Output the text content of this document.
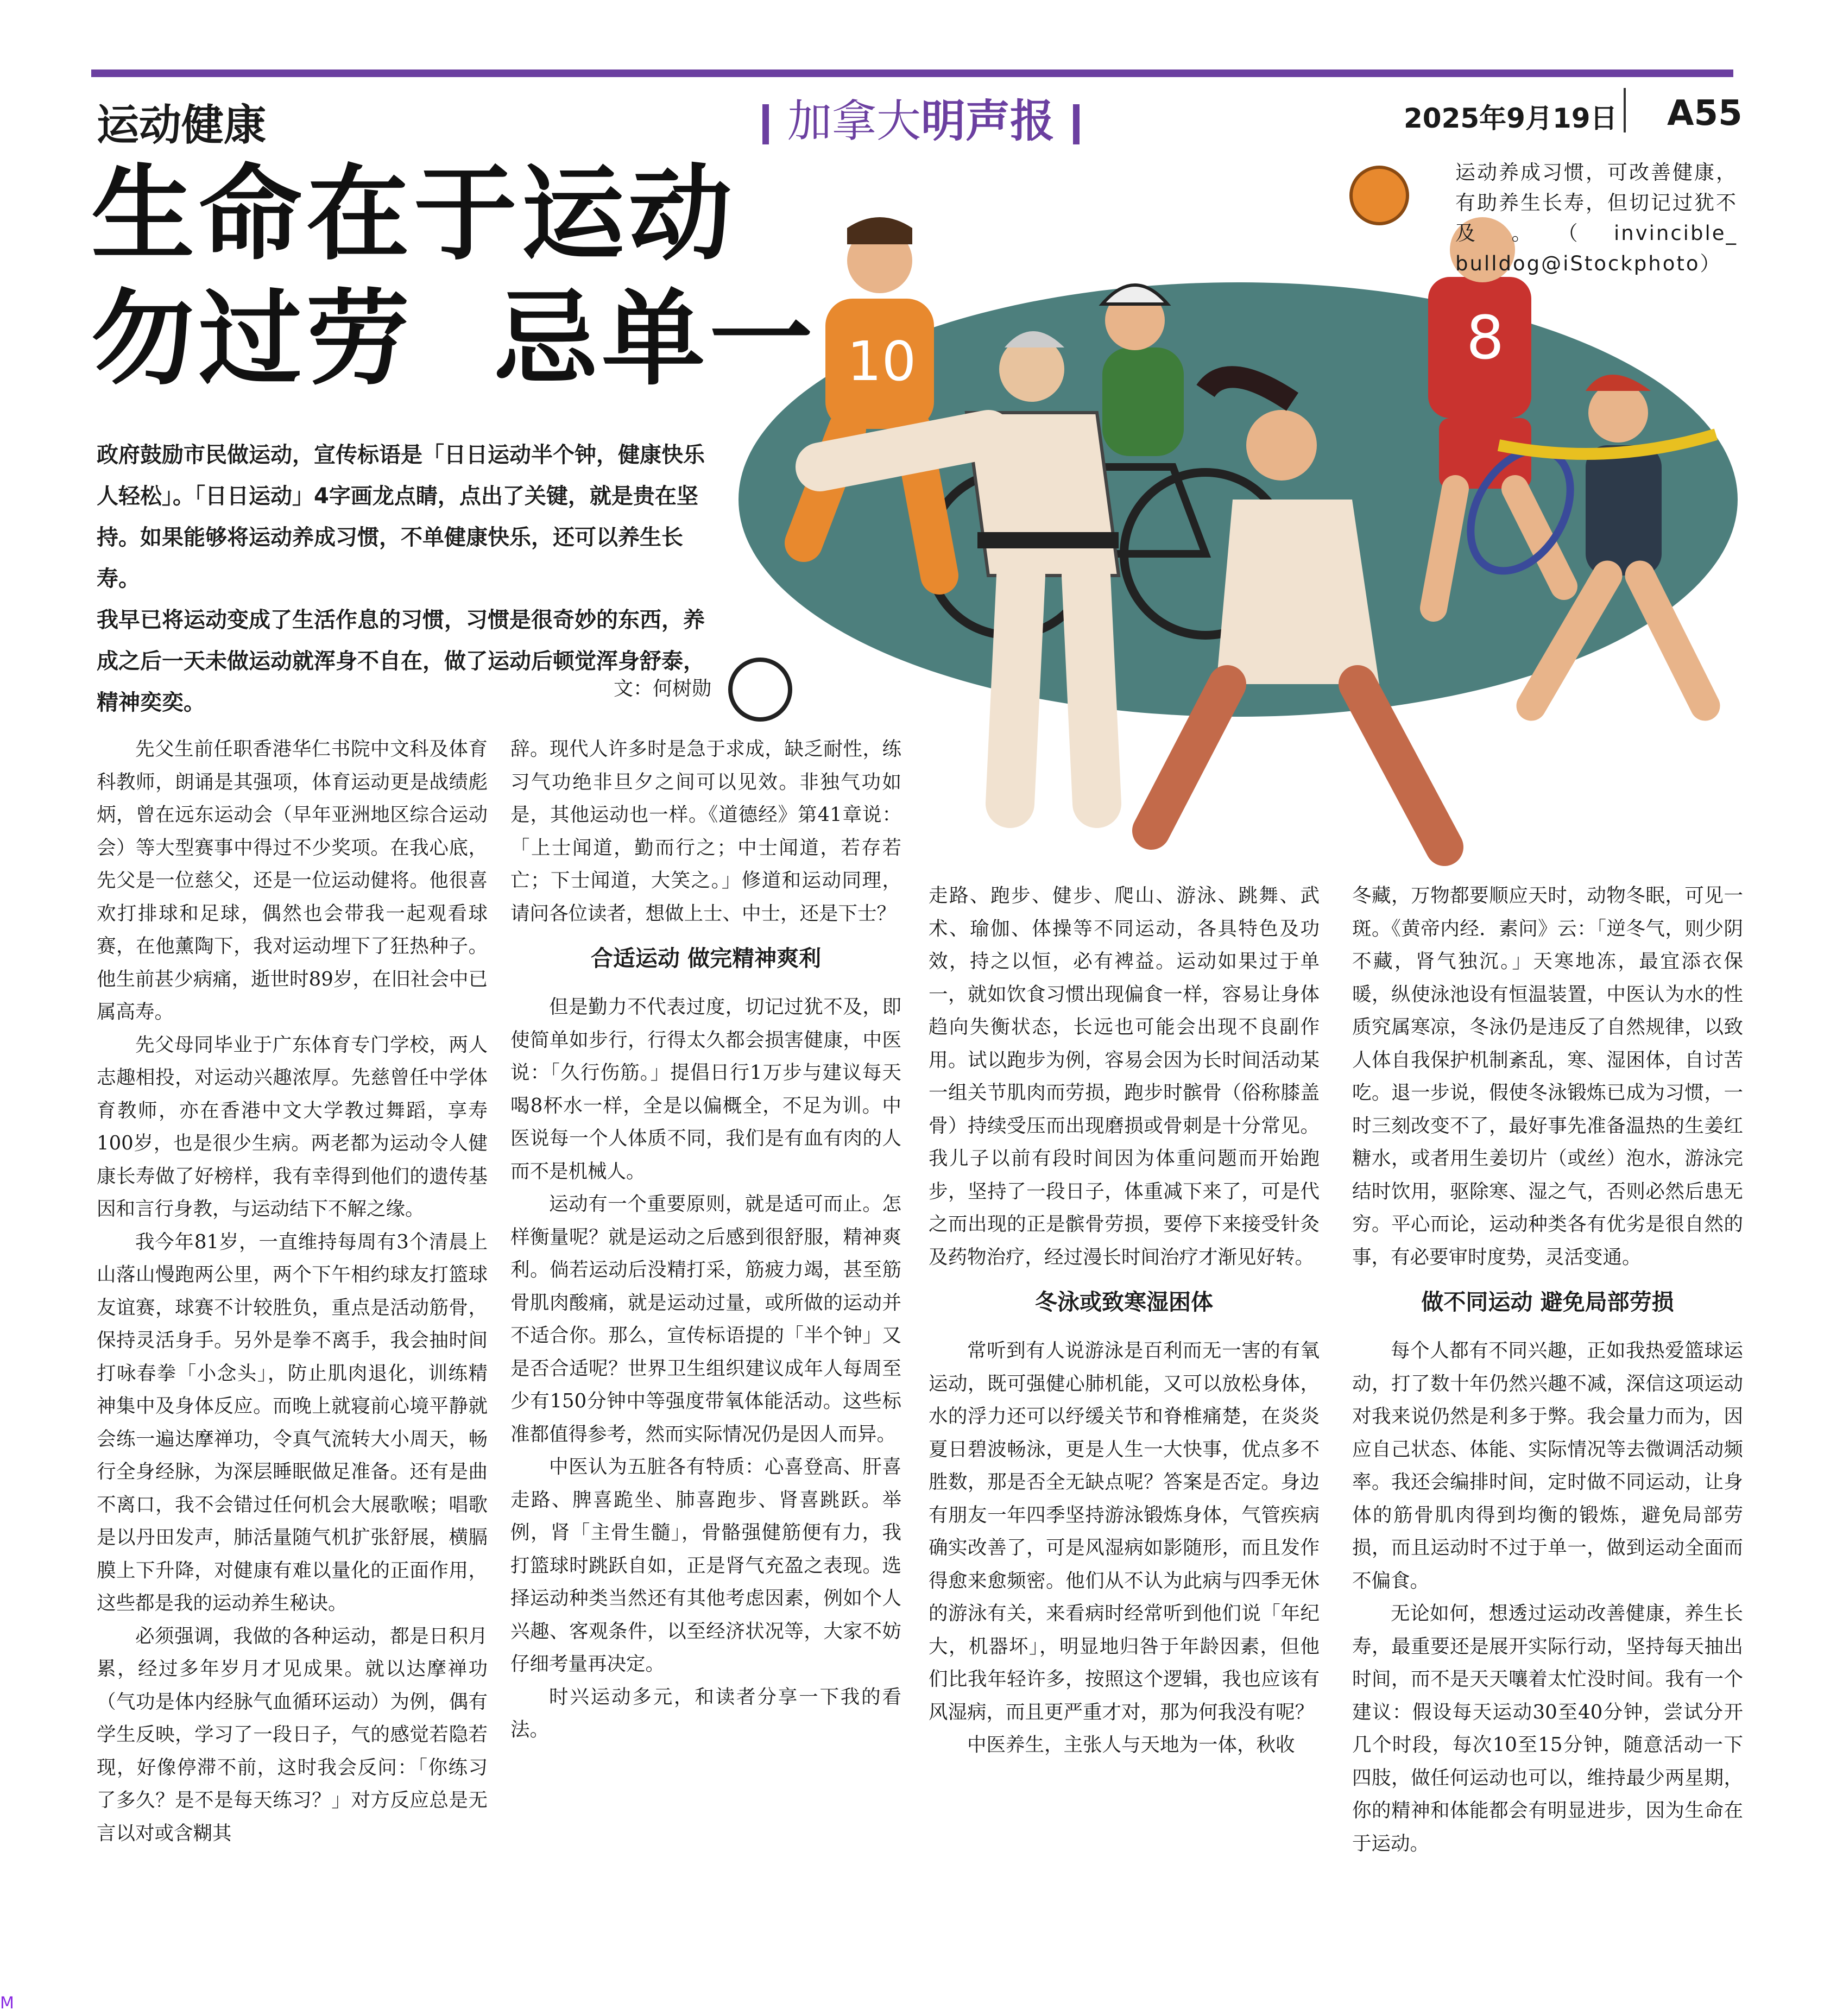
运动健康	加拿大明声报	2025年9月19日 A55
生命在于运动
勿过劳  忌单一	8
10
运动养成习惯，可改善健康，有助养生长寿，但切记过犹不及。（invincible_ bulldog@iStockphoto）

政府鼓励市民做运动，宣传标语是「日日运动半个钟，健康快乐人轻松」。「日日运动」4字画龙点睛，点出了关键，就是贵在坚持。如果能够将运动养成习惯，不单健康快乐，还可以养生长寿。

我早已将运动变成了生活作息的习惯，习惯是很奇妙的东西，养成之后一天未做运动就浑身不自在，做了运动后顿觉浑身舒泰，精神奕奕。

文：何树勋

先父生前任职香港华仁书院中文科及体育科教师，朗诵是其强项，体育运动更是战绩彪炳，曾在远东运动会（早年亚洲地区综合运动会）等大型赛事中得过不少奖项。在我心底，先父是一位慈父，还是一位运动健将。他很喜欢打排球和足球，偶然也会带我一起观看球赛，在他薰陶下，我对运动埋下了狂热种子。他生前甚少病痛，逝世时89岁，在旧社会中已属高寿。

先父母同毕业于广东体育专门学校，两人志趣相投，对运动兴趣浓厚。先慈曾任中学体育教师，亦在香港中文大学教过舞蹈，享寿100岁，也是很少生病。两老都为运动令人健康长寿做了好榜样，我有幸得到他们的遗传基因和言行身教，与运动结下不解之缘。

我今年81岁，一直维持每周有3个清晨上山落山慢跑两公里，两个下午相约球友打篮球友谊赛，球赛不计较胜负，重点是活动筋骨，保持灵活身手。另外是拳不离手，我会抽时间打咏春拳「小念头」，防止肌肉退化，训练精神集中及身体反应。而晚上就寝前心境平静就会练一遍达摩禅功，令真气流转大小周天，畅行全身经脉，为深层睡眠做足准备。还有是曲不离口，我不会错过任何机会大展歌喉；唱歌是以丹田发声，肺活量随气机扩张舒展，横膈膜上下升降，对健康有难以量化的正面作用，这些都是我的运动养生秘诀。

必须强调，我做的各种运动，都是日积月累，经过多年岁月才见成果。就以达摩禅功（气功是体内经脉气血循环运动）为例，偶有学生反映，学习了一段日子，气的感觉若隐若现，好像停滞不前，这时我会反问：「你练习了多久？是不是每天练习？」对方反应总是无言以对或含糊其

辞。现代人许多时是急于求成，缺乏耐性，练习气功绝非旦夕之间可以见效。非独气功如是，其他运动也一样。《道德经》第41章说：「上士闻道，勤而行之；中士闻道，若存若亡；下士闻道，大笑之。」修道和运动同理，请问各位读者，想做上士、中士，还是下士？

合适运动 做完精神爽利

但是勤力不代表过度，切记过犹不及，即使简单如步行，行得太久都会损害健康，中医说：「久行伤筋。」提倡日行1万步与建议每天喝8杯水一样，全是以偏概全，不足为训。中医说每一个人体质不同，我们是有血有肉的人而不是机械人。

运动有一个重要原则，就是适可而止。怎样衡量呢？就是运动之后感到很舒服，精神爽利。倘若运动后没精打采，筋疲力竭，甚至筋骨肌肉酸痛，就是运动过量，或所做的运动并不适合你。那么，宣传标语提的「半个钟」又是否合适呢？世界卫生组织建议成年人每周至少有150分钟中等强度带氧体能活动。这些标准都值得参考，然而实际情况仍是因人而异。

中医认为五脏各有特质：心喜登高、肝喜走路、脾喜跪坐、肺喜跑步、肾喜跳跃。举例，肾「主骨生髓」，骨骼强健筋便有力，我打篮球时跳跃自如，正是肾气充盈之表现。选择运动种类当然还有其他考虑因素，例如个人兴趣、客观条件，以至经济状况等，大家不妨仔细考量再决定。

时兴运动多元，和读者分享一下我的看法。

走路、跑步、健步、爬山、游泳、跳舞、武术、瑜伽、体操等不同运动，各具特色及功效，持之以恒，必有裨益。运动如果过于单一，就如饮食习惯出现偏食一样，容易让身体趋向失衡状态，长远也可能会出现不良副作用。试以跑步为例，容易会因为长时间活动某一组关节肌肉而劳损，跑步时髌骨（俗称膝盖骨）持续受压而出现磨损或骨刺是十分常见。我儿子以前有段时间因为体重问题而开始跑步，坚持了一段日子，体重减下来了，可是代之而出现的正是髌骨劳损，要停下来接受针灸及药物治疗，经过漫长时间治疗才渐见好转。

冬泳或致寒湿困体

常听到有人说游泳是百利而无一害的有氧运动，既可强健心肺机能，又可以放松身体，水的浮力还可以纾缓关节和脊椎痛楚，在炎炎夏日碧波畅泳，更是人生一大快事，优点多不胜数，那是否全无缺点呢？答案是否定。身边有朋友一年四季坚持游泳锻炼身体，气管疾病确实改善了，可是风湿病如影随形，而且发作得愈来愈频密。他们从不认为此病与四季无休的游泳有关，来看病时经常听到他们说「年纪大，机器坏」，明显地归咎于年龄因素，但他们比我年轻许多，按照这个逻辑，我也应该有风湿病，而且更严重才对，那为何我没有呢？

中医养生，主张人与天地为一体，秋收

冬藏，万物都要顺应天时，动物冬眠，可见一斑。《黄帝内经．素问》云：「逆冬气，则少阴不藏，肾气独沉。」天寒地冻，最宜添衣保暖，纵使泳池设有恒温装置，中医认为水的性质究属寒凉，冬泳仍是违反了自然规律，以致人体自我保护机制紊乱，寒、湿困体，自讨苦吃。退一步说，假使冬泳锻炼已成为习惯，一时三刻改变不了，最好事先准备温热的生姜红糖水，或者用生姜切片（或丝）泡水，游泳完结时饮用，驱除寒、湿之气，否则必然后患无穷。平心而论，运动种类各有优劣是很自然的事，有必要审时度势，灵活变通。

做不同运动 避免局部劳损

每个人都有不同兴趣，正如我热爱篮球运动，打了数十年仍然兴趣不减，深信这项运动对我来说仍然是利多于弊。我会量力而为，因应自己状态、体能、实际情况等去微调活动频率。我还会编排时间，定时做不同运动，让身体的筋骨肌肉得到均衡的锻炼，避免局部劳损，而且运动时不过于单一，做到运动全面而不偏食。

无论如何，想透过运动改善健康，养生长寿，最重要还是展开实际行动，坚持每天抽出时间，而不是天天嚷着太忙没时间。我有一个建议：假设每天运动30至40分钟，尝试分开几个时段，每次10至15分钟，随意活动一下四肢，做任何运动也可以，维持最少两星期，你的精神和体能都会有明显进步，因为生命在于运动。

M
